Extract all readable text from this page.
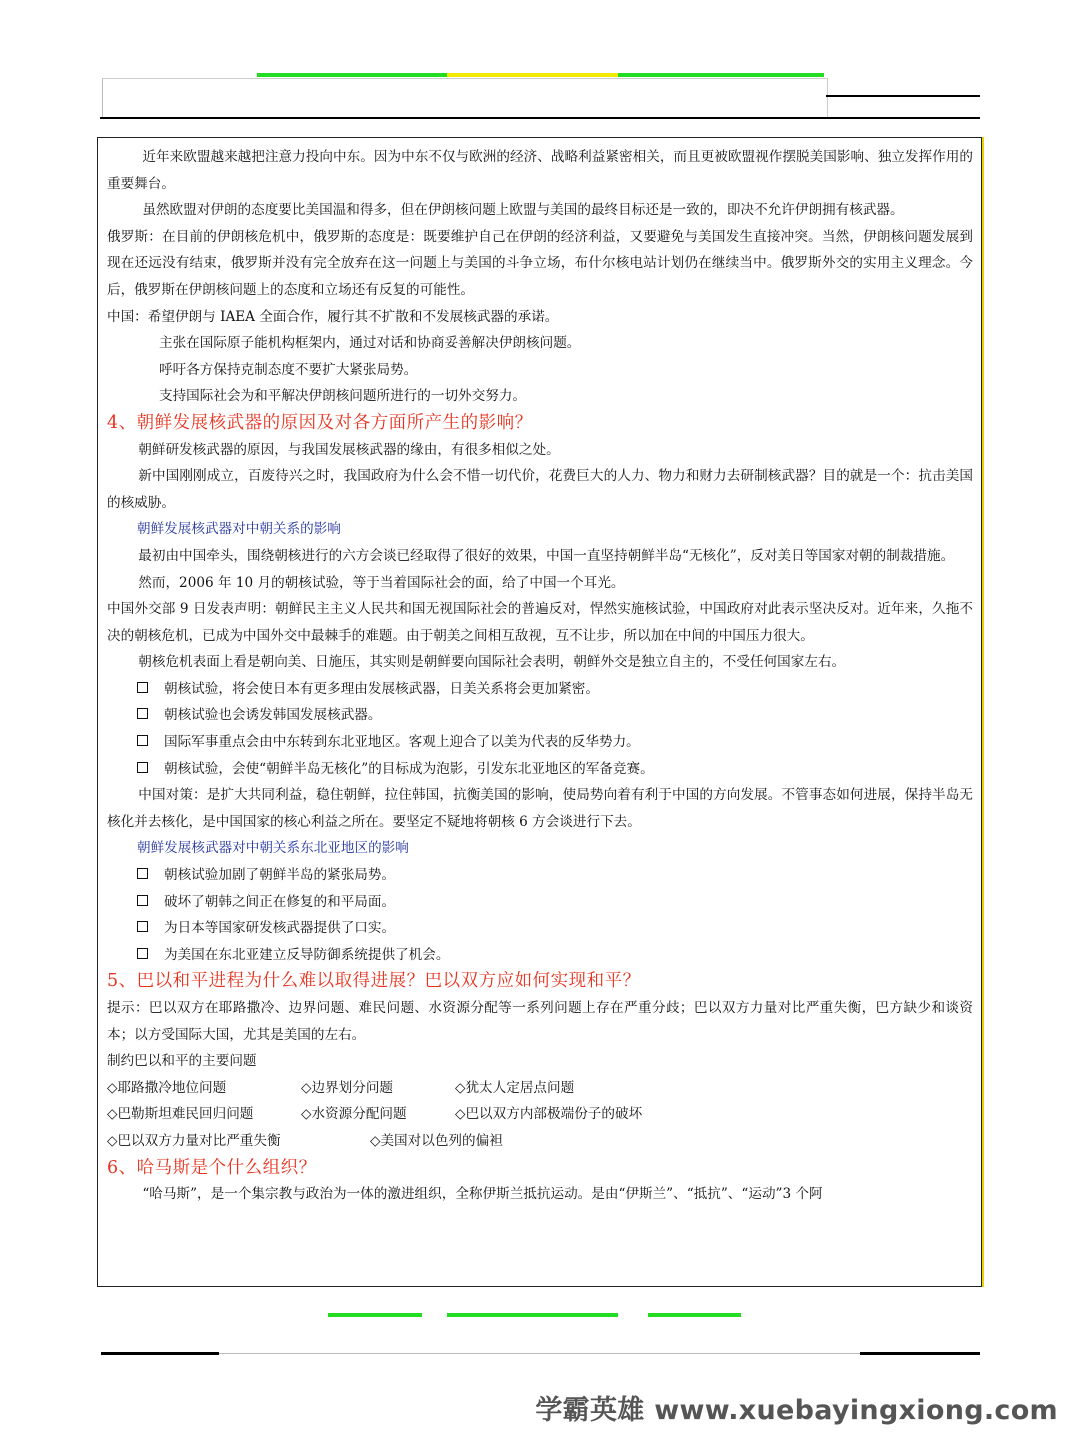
近年来欧盟越来越把注意力投向中东。因为中东不仅与欧洲的经济、战略利益紧密相关，而且更被欧盟视作摆脱美国影响、独立发挥作用的重要舞台。

虽然欧盟对伊朗的态度要比美国温和得多，但在伊朗核问题上欧盟与美国的最终目标还是一致的，即决不允许伊朗拥有核武器。

俄罗斯：在目前的伊朗核危机中，俄罗斯的态度是：既要维护自己在伊朗的经济利益，又要避免与美国发生直接冲突。当然，伊朗核问题发展到现在还远没有结束，俄罗斯并没有完全放弃在这一问题上与美国的斗争立场，布什尔核电站计划仍在继续当中。俄罗斯外交的实用主义理念。今后，俄罗斯在伊朗核问题上的态度和立场还有反复的可能性。

中国：希望伊朗与 IAEA 全面合作，履行其不扩散和不发展核武器的承诺。

主张在国际原子能机构框架内，通过对话和协商妥善解决伊朗核问题。

呼吁各方保持克制态度不要扩大紧张局势。

支持国际社会为和平解决伊朗核问题所进行的一切外交努力。

4、朝鲜发展核武器的原因及对各方面所产生的影响？

朝鲜研发核武器的原因，与我国发展核武器的缘由，有很多相似之处。

新中国刚刚成立，百废待兴之时，我国政府为什么会不惜一切代价，花费巨大的人力、物力和财力去研制核武器？目的就是一个：抗击美国的核威胁。

朝鲜发展核武器对中朝关系的影响

最初由中国牵头，围绕朝核进行的六方会谈已经取得了很好的效果，中国一直坚持朝鲜半岛“无核化”，反对美日等国家对朝的制裁措施。

然而，2006 年 10 月的朝核试验，等于当着国际社会的面，给了中国一个耳光。

中国外交部 9 日发表声明：朝鲜民主主义人民共和国无视国际社会的普遍反对，悍然实施核试验，中国政府对此表示坚决反对。近年来，久拖不决的朝核危机，已成为中国外交中最棘手的难题。由于朝美之间相互敌视，互不让步，所以加在中间的中国压力很大。

朝核危机表面上看是朝向美、日施压，其实则是朝鲜要向国际社会表明，朝鲜外交是独立自主的，不受任何国家左右。

朝核试验，将会使日本有更多理由发展核武器，日美关系将会更加紧密。

朝核试验也会诱发韩国发展核武器。

国际军事重点会由中东转到东北亚地区。客观上迎合了以美为代表的反华势力。

朝核试验，会使“朝鲜半岛无核化”的目标成为泡影，引发东北亚地区的军备竞赛。

中国对策：是扩大共同利益，稳住朝鲜，拉住韩国，抗衡美国的影响，使局势向着有利于中国的方向发展。不管事态如何进展，保持半岛无核化并去核化，是中国国家的核心利益之所在。要坚定不疑地将朝核 6 方会谈进行下去。

朝鲜发展核武器对中朝关系东北亚地区的影响

朝核试验加剧了朝鲜半岛的紧张局势。

破坏了朝韩之间正在修复的和平局面。

为日本等国家研发核武器提供了口实。

为美国在东北亚建立反导防御系统提供了机会。

5、巴以和平进程为什么难以取得进展？巴以双方应如何实现和平？

提示：巴以双方在耶路撒冷、边界问题、难民问题、水资源分配等一系列问题上存在严重分歧；巴以双方力量对比严重失衡，巴方缺少和谈资本；以方受国际大国，尤其是美国的左右。

制约巴以和平的主要问题

◇耶路撒冷地位问题	◇边界划分问题	◇犹太人定居点问题
◇巴勒斯坦难民回归问题	◇水资源分配问题	◇巴以双方内部极端份子的破坏
◇巴以双方力量对比严重失衡	◇美国对以色列的偏袒

6、哈马斯是个什么组织？

“哈马斯”，是一个集宗教与政治为一体的激进组织，全称伊斯兰抵抗运动。是由“伊斯兰”、“抵抗”、“运动”3 个阿

学霸英雄 www.xuebayingxiong.com
